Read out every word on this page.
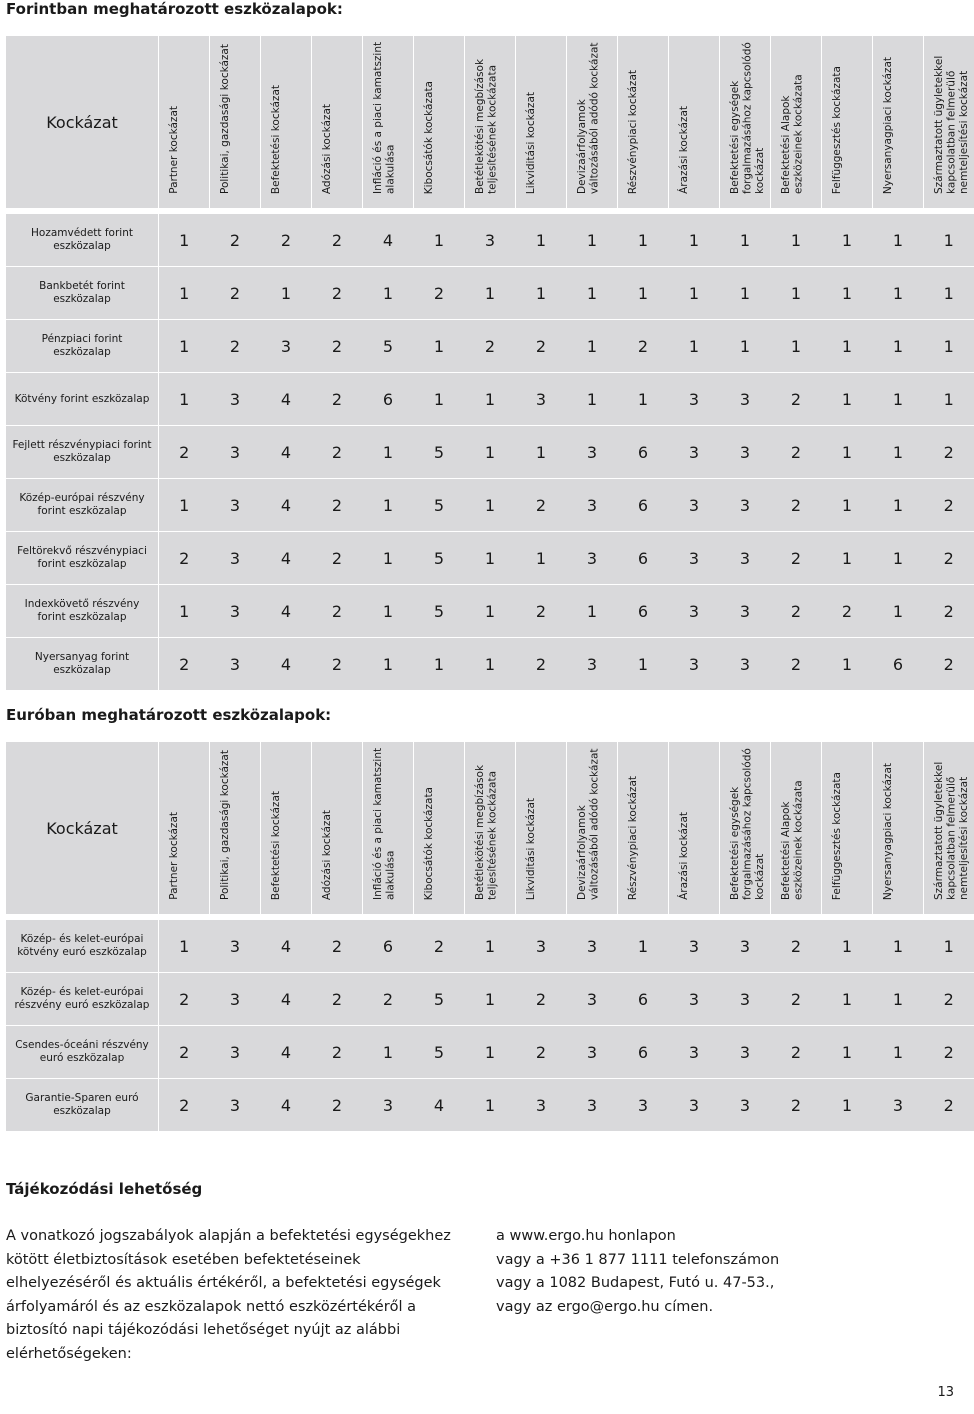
Forintban meghatározott eszközalapok:
Kockázat	Partner kockázat	Politikai, gazdasági kockázat	Befektetési kockázat	Adózási kockázat	Infláció és a piaci kamatszint alakulása	Kibocsátók kockázata	Betétlekötési megbízások teljesítésének kockázata	Likviditási kockázat	Devizaárfolyamok változásából adódó kockázat	Részvénypiaci kockázat	Árazási kockázat	Befektetési egységek forgalmazásához kapcsolódó kockázat	Befektetési Alapok eszközeinek kockázata	Felfüggesztés kockázata	Nyersanyagpiaci kockázat	Származtatott ügyletekkel kapcsolatban felmerülő nemteljesítési kockázat

Hozamvédett forint eszközalap	1	2	2	2	4	1	3	1	1	1	1	1	1	1	1	1
Bankbetét forint eszközalap	1	2	1	2	1	2	1	1	1	1	1	1	1	1	1	1
Pénzpiaci forint eszközalap	1	2	3	2	5	1	2	2	1	2	1	1	1	1	1	1
Kötvény forint eszközalap	1	3	4	2	6	1	1	3	1	1	3	3	2	1	1	1
Fejlett részvénypiaci forint eszközalap	2	3	4	2	1	5	1	1	3	6	3	3	2	1	1	2
Közép-európai részvény forint eszközalap	1	3	4	2	1	5	1	2	3	6	3	3	2	1	1	2
Feltörekvő részvénypiaci forint eszközalap	2	3	4	2	1	5	1	1	3	6	3	3	2	1	1	2
Indexkövető részvény forint eszközalap	1	3	4	2	1	5	1	2	1	6	3	3	2	2	1	2
Nyersanyag forint eszközalap	2	3	4	2	1	1	1	2	3	1	3	3	2	1	6	2
Euróban meghatározott eszközalapok:
Kockázat	Partner kockázat	Politikai, gazdasági kockázat	Befektetési kockázat	Adózási kockázat	Infláció és a piaci kamatszint alakulása	Kibocsátók kockázata	Betétlekötési megbízások teljesítésének kockázata	Likviditási kockázat	Devizaárfolyamok változásából adódó kockázat	Részvénypiaci kockázat	Árazási kockázat	Befektetési egységek forgalmazásához kapcsolódó kockázat	Befektetési Alapok eszközeinek kockázata	Felfüggesztés kockázata	Nyersanyagpiaci kockázat	Származtatott ügyletekkel kapcsolatban felmerülő nemteljesítési kockázat

Közép- és kelet-európai kötvény euró eszközalap	1	3	4	2	6	2	1	3	3	1	3	3	2	1	1	1
Közép- és kelet-európai részvény euró eszközalap	2	3	4	2	2	5	1	2	3	6	3	3	2	1	1	2
Csendes-óceáni részvény euró eszközalap	2	3	4	2	1	5	1	2	3	6	3	3	2	1	1	2
Garantie-Sparen euró eszközalap	2	3	4	2	3	4	1	3	3	3	3	3	2	1	3	2
Tájékozódási lehetőség

A vonatkozó jogszabályok alapján a befektetési egységekhez kötött életbiztosítások esetében befektetéseinek elhelyezéséről és aktuális értékéről, a befektetési egységek árfolyamáról és az eszközalapok nettó eszközértékéről a biztosító napi tájékozódási lehetőséget nyújt az alábbi elérhetőségeken:

a www.ergo.hu honlapon
vagy a +36 1 877 1111 telefonszámon
vagy a 1082 Budapest, Futó u. 47-53.,
vagy az ergo@ergo.hu címen.
13
